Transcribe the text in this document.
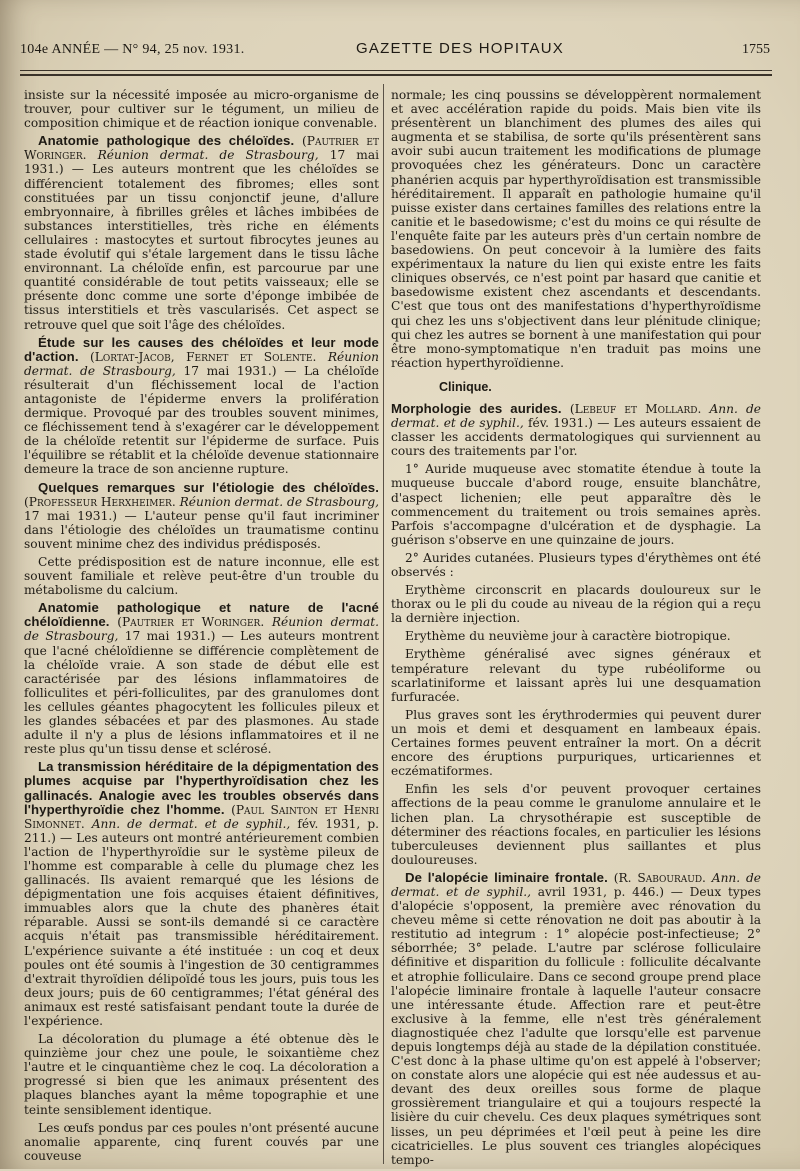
104e ANNÉE — N° 94, 25 nov. 1931.	GAZETTE DES HOPITAUX	1755

insiste sur la nécessité imposée au micro-organisme de trouver, pour cultiver sur le tégument, un milieu de composition chimique et de réaction ionique convenable.

Anatomie pathologique des chéloïdes. (Pautrier et Woringer. Réunion dermat. de Strasbourg, 17 mai 1931.) — Les auteurs montrent que les chéloïdes se différencient totalement des fibromes; elles sont constituées par un tissu conjonctif jeune, d'allure embryonnaire, à fibrilles grêles et lâches imbibées de substances interstitielles, très riche en éléments cellulaires : mastocytes et surtout fibrocytes jeunes au stade évolutif qui s'étale largement dans le tissu lâche environnant. La chéloïde enfin, est parcourue par une quantité considérable de tout petits vaisseaux; elle se présente donc comme une sorte d'éponge imbibée de tissus interstitiels et très vascularisés. Cet aspect se retrouve quel que soit l'âge des chéloïdes.

Étude sur les causes des chéloïdes et leur mode d'action. (Lortat-Jacob, Fernet et Solente. Réunion dermat. de Strasbourg, 17 mai 1931.) — La chéloïde résulterait d'un fléchissement local de l'action antagoniste de l'épiderme envers la prolifération dermique. Provoqué par des troubles souvent minimes, ce fléchissement tend à s'exagérer car le développement de la chéloïde retentit sur l'épiderme de surface. Puis l'équilibre se rétablit et la chéloïde devenue stationnaire demeure la trace de son ancienne rupture.

Quelques remarques sur l'étiologie des chéloïdes. (Professeur Herxheimer. Réunion dermat. de Strasbourg, 17 mai 1931.) — L'auteur pense qu'il faut incriminer dans l'étiologie des chéloïdes un traumatisme continu souvent minime chez des individus prédisposés.

Cette prédisposition est de nature inconnue, elle est souvent familiale et relève peut-être d'un trouble du métabolisme du calcium.

Anatomie pathologique et nature de l'acné chéloïdienne. (Pautrier et Woringer. Réunion dermat. de Strasbourg, 17 mai 1931.) — Les auteurs montrent que l'acné chéloïdienne se différencie complètement de la chéloïde vraie. A son stade de début elle est caractérisée par des lésions inflammatoires de folliculites et péri-folliculites, par des granulomes dont les cellules géantes phagocytent les follicules pileux et les glandes sébacées et par des plasmones. Au stade adulte il n'y a plus de lésions inflammatoires et il ne reste plus qu'un tissu dense et sclérosé.

La transmission héréditaire de la dépigmentation des plumes acquise par l'hyperthyroïdisation chez les gallinacés. Analogie avec les troubles observés dans l'hyperthyroïdie chez l'homme. (Paul Sainton et Henri Simonnet. Ann. de dermat. et de syphil., fév. 1931, p. 211.) — Les auteurs ont montré antérieurement combien l'action de l'hyperthyroïdie sur le système pileux de l'homme est comparable à celle du plumage chez les gallinacés. Ils avaient remarqué que les lésions de dépigmentation une fois acquises étaient définitives, immuables alors que la chute des phanères était réparable. Aussi se sont-ils demandé si ce caractère acquis n'était pas transmissible héréditairement. L'expérience suivante a été instituée : un coq et deux poules ont été soumis à l'ingestion de 30 centigrammes d'extrait thyroïdien délipoïdé tous les jours, puis tous les deux jours; puis de 60 centigrammes; l'état général des animaux est resté satisfaisant pendant toute la durée de l'expérience.

La décoloration du plumage a été obtenue dès le quinzième jour chez une poule, le soixantième chez l'autre et le cinquantième chez le coq. La décoloration a progressé si bien que les animaux présentent des plaques blanches ayant la même topographie et une teinte sensiblement identique.

Les œufs pondus par ces poules n'ont présenté aucune anomalie apparente, cinq furent couvés par une couveuse

normale; les cinq poussins se développèrent normalement et avec accélération rapide du poids. Mais bien vite ils présentèrent un blanchiment des plumes des ailes qui augmenta et se stabilisa, de sorte qu'ils présentèrent sans avoir subi aucun traitement les modifications de plumage provoquées chez les générateurs. Donc un caractère phanérien acquis par hyperthyroïdisation est transmissible héréditairement. Il apparaît en pathologie humaine qu'il puisse exister dans certaines familles des relations entre la canitie et le basedowisme; c'est du moins ce qui résulte de l'enquête faite par les auteurs près d'un certain nombre de basedowiens. On peut concevoir à la lumière des faits expérimentaux la nature du lien qui existe entre les faits cliniques observés, ce n'est point par hasard que canitie et basedowisme existent chez ascendants et descendants. C'est que tous ont des manifestations d'hyperthyroïdisme qui chez les uns s'objectivent dans leur plénitude clinique; qui chez les autres se bornent à une manifestation qui pour être mono-symptomatique n'en traduit pas moins une réaction hyperthyroïdienne.

Clinique.

Morphologie des aurides. (Lebeuf et Mollard. Ann. de dermat. et de syphil., fév. 1931.) — Les auteurs essaient de classer les accidents dermatologiques qui surviennent au cours des traitements par l'or.

1° Auride muqueuse avec stomatite étendue à toute la muqueuse buccale d'abord rouge, ensuite blanchâtre, d'aspect lichenien; elle peut apparaître dès le commencement du traitement ou trois semaines après. Parfois s'accompagne d'ulcération et de dysphagie. La guérison s'observe en une quinzaine de jours.

2° Aurides cutanées. Plusieurs types d'érythèmes ont été observés :

Erythème circonscrit en placards douloureux sur le thorax ou le pli du coude au niveau de la région qui a reçu la dernière injection.

Erythème du neuvième jour à caractère biotropique.

Erythème généralisé avec signes généraux et température relevant du type rubéoliforme ou scarlatiniforme et laissant après lui une desquamation furfuracée.

Plus graves sont les érythrodermies qui peuvent durer un mois et demi et desquament en lambeaux épais. Certaines formes peuvent entraîner la mort. On a décrit encore des éruptions purpuriques, urticariennes et eczématiformes.

Enfin les sels d'or peuvent provoquer certaines affections de la peau comme le granulome annulaire et le lichen plan. La chrysothérapie est susceptible de déterminer des réactions focales, en particulier les lésions tuberculeuses deviennent plus saillantes et plus douloureuses.

De l'alopécie liminaire frontale. (R. Sabouraud. Ann. de dermat. et de syphil., avril 1931, p. 446.) — Deux types d'alopécie s'opposent, la première avec rénovation du cheveu même si cette rénovation ne doit pas aboutir à la restitutio ad integrum : 1° alopécie post-infectieuse; 2° séborrhée; 3° pelade. L'autre par sclérose folliculaire définitive et disparition du follicule : folliculite décalvante et atrophie folliculaire. Dans ce second groupe prend place l'alopécie liminaire frontale à laquelle l'auteur consacre une intéressante étude. Affection rare et peut-être exclusive à la femme, elle n'est très généralement diagnostiquée chez l'adulte que lorsqu'elle est parvenue depuis longtemps déjà au stade de la dépilation constituée. C'est donc à la phase ultime qu'on est appelé à l'observer; on constate alors une alopécie qui est née audessus et au-devant des deux oreilles sous forme de plaque grossièrement triangulaire et qui a toujours respecté la lisière du cuir chevelu. Ces deux plaques symétriques sont lisses, un peu déprimées et l'œil peut à peine les dire cicatricielles. Le plus souvent ces triangles alopéciques tempo-
